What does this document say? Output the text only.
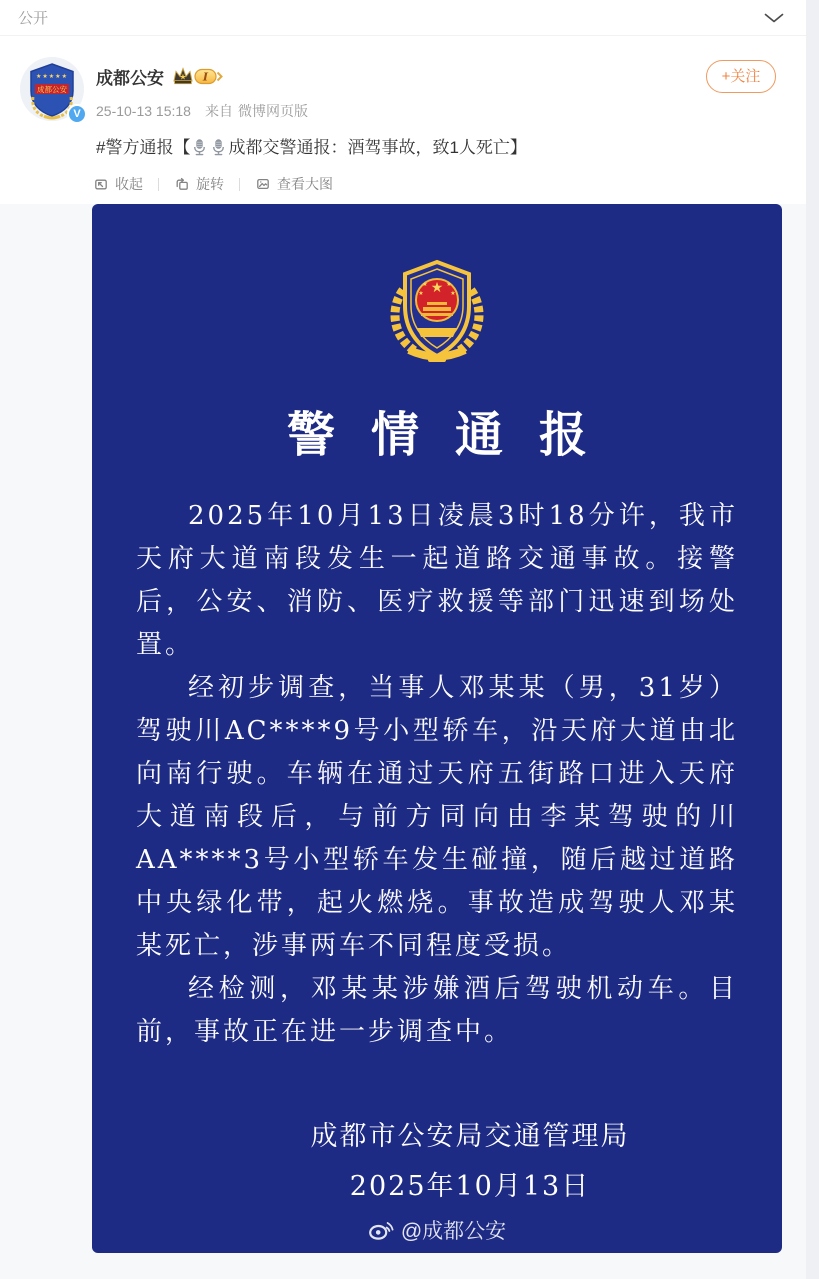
公开
★★★★★
成都公安
V
+关注
成都公安 ★ I
25-10-13 15:18 来自 微博网页版
#警方通报【 成都交警通报：酒驾事故，致1人死亡】
收起	旋转	查看大图
★
★	★
★	★
警情通报

2025年10月13日凌晨3时18分许，我市天府大道南段发生一起道路交通事故。接警后，公安、消防、医疗救援等部门迅速到场处置。

经初步调查，当事人邓某某（男，31岁）驾驶川AC****9号小型轿车，沿天府大道由北向南行驶。车辆在通过天府五街路口进入天府大道南段后，与前方同向由李某驾驶的川AA****3号小型轿车发生碰撞，随后越过道路中央绿化带，起火燃烧。事故造成驾驶人邓某某死亡，涉事两车不同程度受损。

经检测，邓某某涉嫌酒后驾驶机动车。目前，事故正在进一步调查中。

成都市公安局交通管理局
2025年10月13日
@成都公安
